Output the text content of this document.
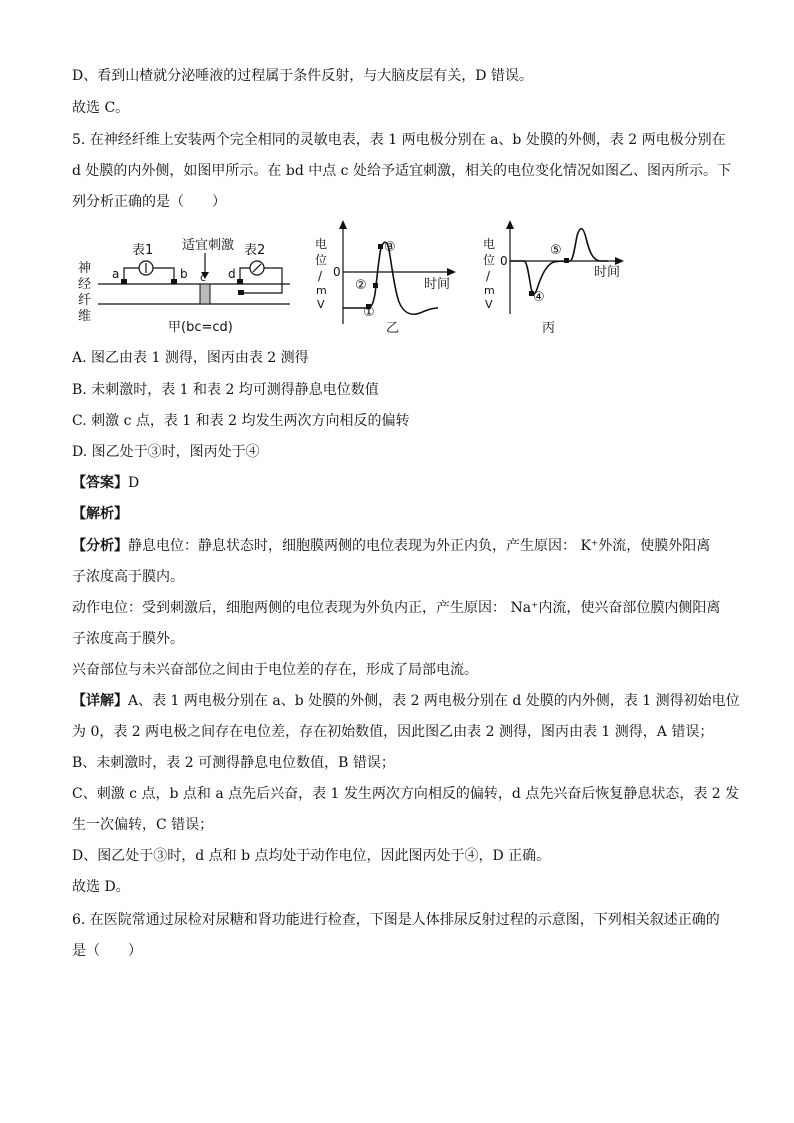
D、看到山楂就分泌唾液的过程属于条件反射，与大脑皮层有关，D 错误。
故选 C。
5. 在神经纤维上安装两个完全相同的灵敏电表，表 1 两电极分别在 a、b 处膜的外侧，表 2 两电极分别在
d 处膜的内外侧，如图甲所示。在 bd 中点 c 处给予适宜刺激，相关的电位变化情况如图乙、图丙所示。下
列分析正确的是（　　）
神
经
纤
维
表1
a	b
适宜刺激
c
表2
d
甲(bc=cd)
电
位
/
m
V
0
时间
①
②
③
乙
电
位
/
m
V
0
时间
④
⑤
丙
A. 图乙由表 1 测得，图丙由表 2 测得
B. 未刺激时，表 1 和表 2 均可测得静息电位数值
C. 刺激 c 点，表 1 和表 2 均发生两次方向相反的偏转
D. 图乙处于③时，图丙处于④
【答案】D
【解析】
【分析】静息电位：静息状态时，细胞膜两侧的电位表现为外正内负，产生原因： K⁺外流，使膜外阳离
子浓度高于膜内。
动作电位：受到刺激后，细胞两侧的电位表现为外负内正，产生原因： Na⁺内流，使兴奋部位膜内侧阳离
子浓度高于膜外。
兴奋部位与未兴奋部位之间由于电位差的存在，形成了局部电流。
【详解】A、表 1 两电极分别在 a、b 处膜的外侧，表 2 两电极分别在 d 处膜的内外侧，表 1 测得初始电位
为 0，表 2 两电极之间存在电位差，存在初始数值，因此图乙由表 2 测得，图丙由表 1 测得，A 错误；
B、未刺激时，表 2 可测得静息电位数值，B 错误；
C、刺激 c 点，b 点和 a 点先后兴奋，表 1 发生两次方向相反的偏转，d 点先兴奋后恢复静息状态，表 2 发
生一次偏转，C 错误；
D、图乙处于③时，d 点和 b 点均处于动作电位，因此图丙处于④，D 正确。
故选 D。
6. 在医院常通过尿检对尿糖和肾功能进行检查，下图是人体排尿反射过程的示意图，下列相关叙述正确的
是（　　）
